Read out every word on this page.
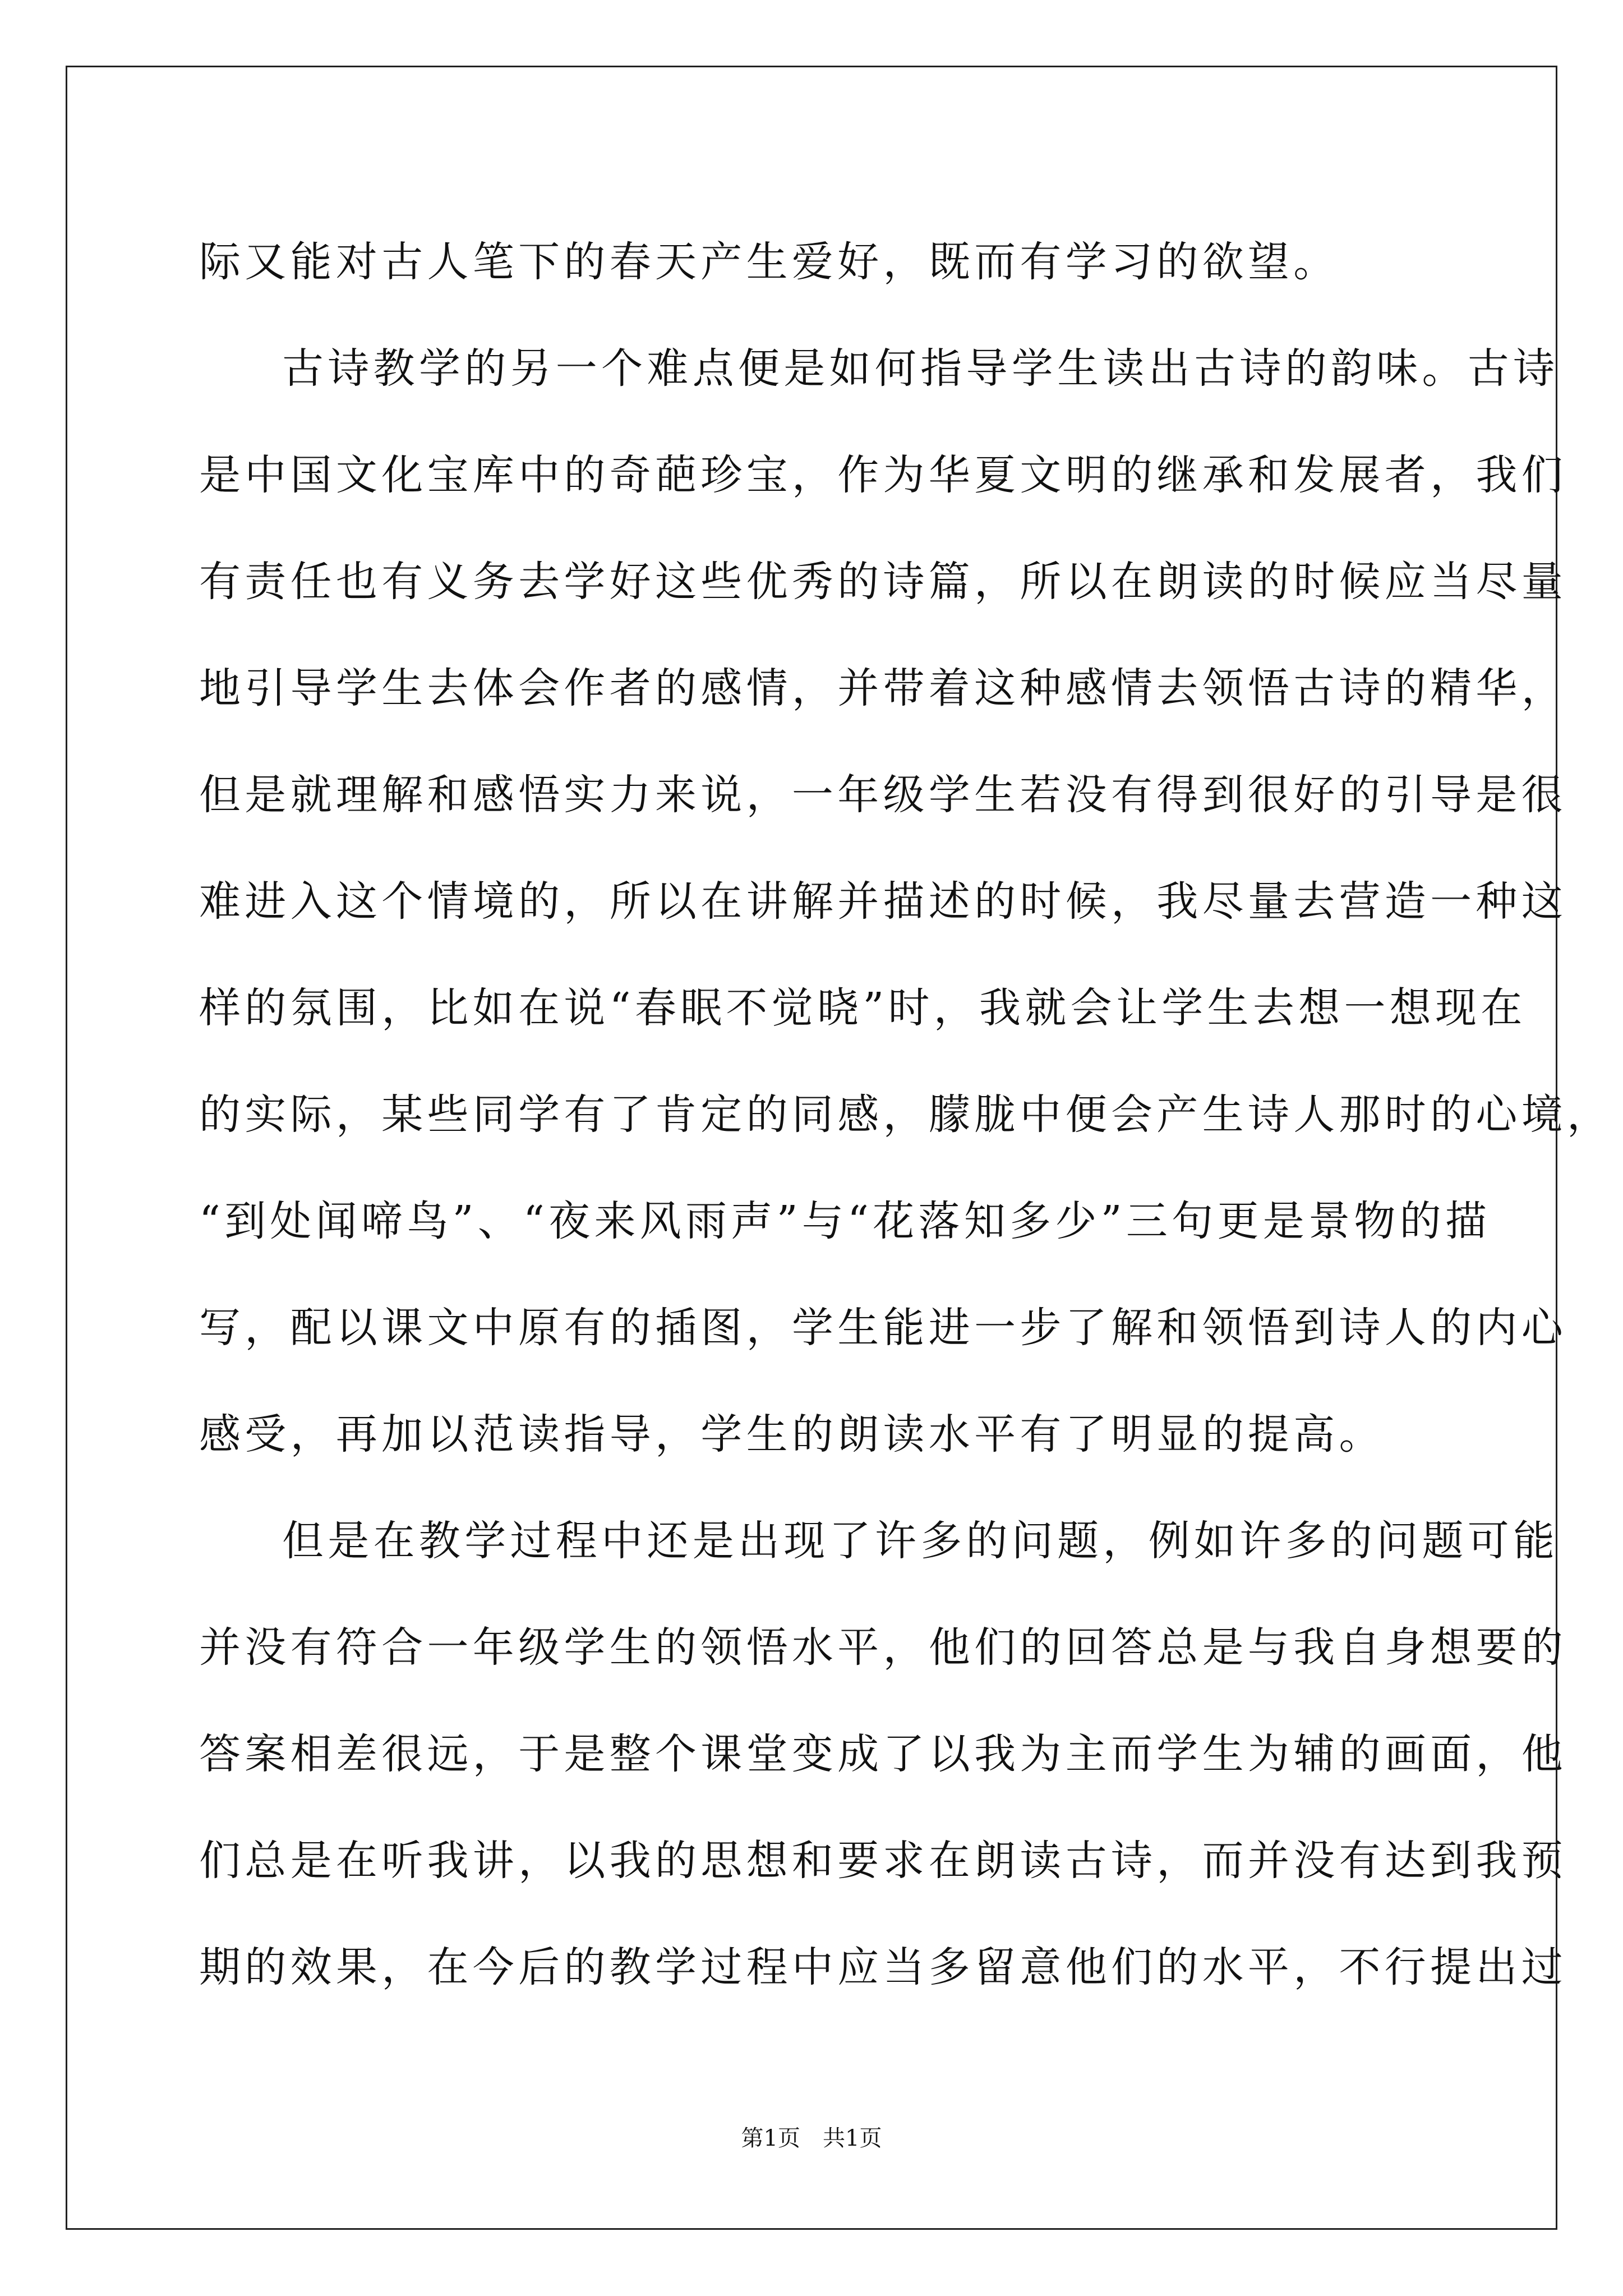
际又能对古人笔下的春天产生爱好，既而有学习的欲望。
古诗教学的另一个难点便是如何指导学生读出古诗的韵味。古诗
是中国文化宝库中的奇葩珍宝，作为华夏文明的继承和发展者，我们
有责任也有义务去学好这些优秀的诗篇，所以在朗读的时候应当尽量
地引导学生去体会作者的感情，并带着这种感情去领悟古诗的精华，
但是就理解和感悟实力来说，一年级学生若没有得到很好的引导是很
难进入这个情境的，所以在讲解并描述的时候，我尽量去营造一种这
样的氛围，比如在说“春眠不觉晓”时，我就会让学生去想一想现在
的实际，某些同学有了肯定的同感，朦胧中便会产生诗人那时的心境，
“到处闻啼鸟”、“夜来风雨声”与“花落知多少”三句更是景物的描
写，配以课文中原有的插图，学生能进一步了解和领悟到诗人的内心
感受，再加以范读指导，学生的朗读水平有了明显的提高。
但是在教学过程中还是出现了许多的问题，例如许多的问题可能
并没有符合一年级学生的领悟水平，他们的回答总是与我自身想要的
答案相差很远，于是整个课堂变成了以我为主而学生为辅的画面，他
们总是在听我讲，以我的思想和要求在朗读古诗，而并没有达到我预
期的效果，在今后的教学过程中应当多留意他们的水平，不行提出过
第1页 共1页
